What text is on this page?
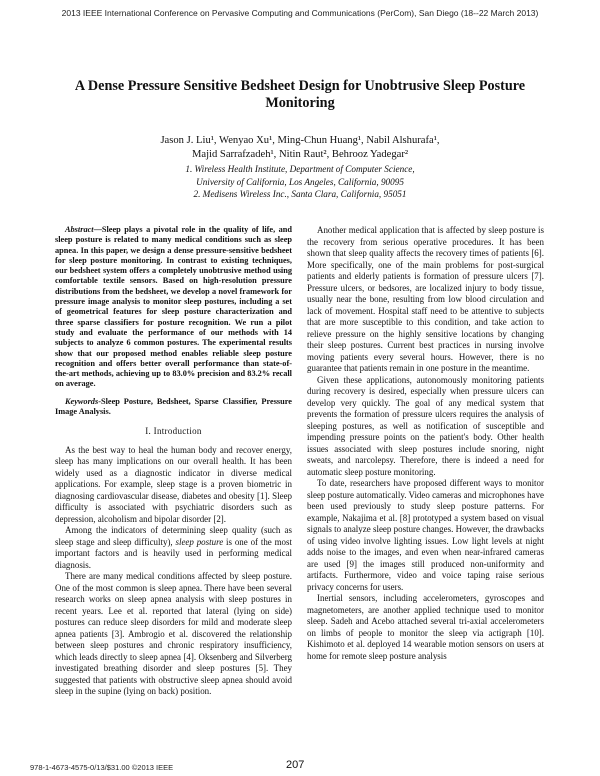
2013 IEEE International Conference on Pervasive Computing and Communications (PerCom), San Diego (18--22 March 2013)
A Dense Pressure Sensitive Bedsheet Design for Unobtrusive Sleep Posture Monitoring
Jason J. Liu¹, Wenyao Xu¹, Ming-Chun Huang¹, Nabil Alshurafa¹,
Majid Sarrafzadeh¹, Nitin Raut², Behrooz Yadegar²
1. Wireless Health Institute, Department of Computer Science,
University of California, Los Angeles, California, 90095
2. Medisens Wireless Inc., Santa Clara, California, 95051

Abstract—Sleep plays a pivotal role in the quality of life, and sleep posture is related to many medical conditions such as sleep apnea. In this paper, we design a dense pressure-sensitive bedsheet for sleep posture monitoring. In contrast to existing techniques, our bedsheet system offers a completely unobtrusive method using comfortable textile sensors. Based on high-resolution pressure distributions from the bedsheet, we develop a novel framework for pressure image analysis to monitor sleep postures, including a set of geometrical features for sleep posture characterization and three sparse classifiers for posture recognition. We run a pilot study and evaluate the performance of our methods with 14 subjects to analyze 6 common postures. The experimental results show that our proposed method enables reliable sleep posture recognition and offers better overall performance than state-of-the-art methods, achieving up to 83.0% precision and 83.2% recall on average.

Keywords-Sleep Posture, Bedsheet, Sparse Classifier, Pressure Image Analysis.

I. Introduction

As the best way to heal the human body and recover energy, sleep has many implications on our overall health. It has been widely used as a diagnostic indicator in diverse medical applications. For example, sleep stage is a proven biometric in diagnosing cardiovascular disease, diabetes and obesity [1]. Sleep difficulty is associated with psychiatric disorders such as depression, alcoholism and bipolar disorder [2].

Among the indicators of determining sleep quality (such as sleep stage and sleep difficulty), sleep posture is one of the most important factors and is heavily used in performing medical diagnosis.

There are many medical conditions affected by sleep posture. One of the most common is sleep apnea. There have been several research works on sleep apnea analysis with sleep postures in recent years. Lee et al. reported that lateral (lying on side) postures can reduce sleep disorders for mild and moderate sleep apnea patients [3]. Ambrogio et al. discovered the relationship between sleep postures and chronic respiratory insufficiency, which leads directly to sleep apnea [4]. Oksenberg and Silverberg investigated breathing disorder and sleep postures [5]. They suggested that patients with obstructive sleep apnea should avoid sleep in the supine (lying on back) position.

Another medical application that is affected by sleep posture is the recovery from serious operative procedures. It has been shown that sleep quality affects the recovery times of patients [6]. More specifically, one of the main problems for post-surgical patients and elderly patients is formation of pressure ulcers [7]. Pressure ulcers, or bedsores, are localized injury to body tissue, usually near the bone, resulting from low blood circulation and lack of movement. Hospital staff need to be attentive to subjects that are more susceptible to this condition, and take action to relieve pressure on the highly sensitive locations by changing their sleep postures. Current best practices in nursing involve moving patients every several hours. However, there is no guarantee that patients remain in one posture in the meantime.

Given these applications, autonomously monitoring patients during recovery is desired, especially when pressure ulcers can develop very quickly. The goal of any medical system that prevents the formation of pressure ulcers requires the analysis of sleeping postures, as well as notification of susceptible and impending pressure points on the patient's body. Other health issues associated with sleep postures include snoring, night sweats, and narcolepsy. Therefore, there is indeed a need for automatic sleep posture monitoring.

To date, researchers have proposed different ways to monitor sleep posture automatically. Video cameras and microphones have been used previously to study sleep posture patterns. For example, Nakajima et al. [8] prototyped a system based on visual signals to analyze sleep posture changes. However, the drawbacks of using video involve lighting issues. Low light levels at night adds noise to the images, and even when near-infrared cameras are used [9] the images still produced non-uniformity and artifacts. Furthermore, video and voice taping raise serious privacy concerns for users.

Inertial sensors, including accelerometers, gyroscopes and magnetometers, are another applied technique used to monitor sleep. Sadeh and Acebo attached several tri-axial accelerometers on limbs of people to monitor the sleep via actigraph [10]. Kishimoto et al. deployed 14 wearable motion sensors on users at home for remote sleep posture analysis

978-1-4673-4575-0/13/$31.00 ©2013 IEEE	207
